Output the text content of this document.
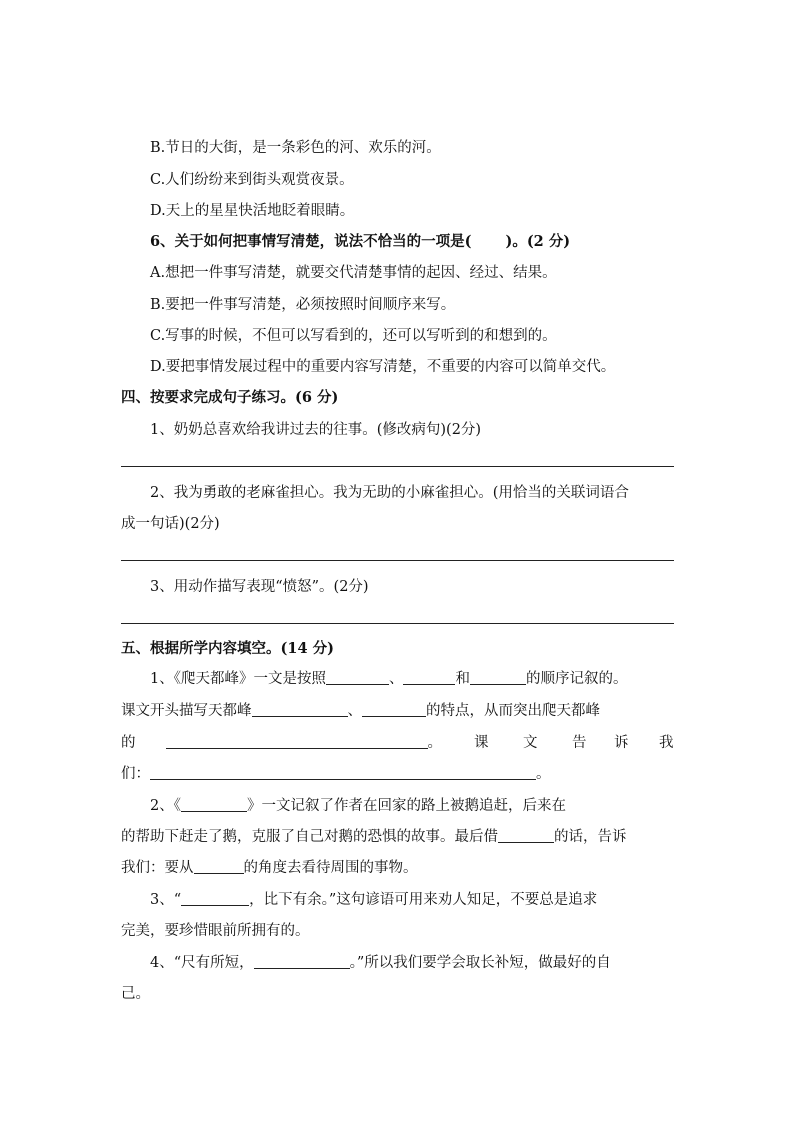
B.节日的大街，是一条彩色的河、欢乐的河。
C.人们纷纷来到街头观赏夜景。
D.天上的星星快活地眨着眼睛。
6、关于如何把事情写清楚，说法不恰当的一项是( )。(2 分)
A.想把一件事写清楚，就要交代清楚事情的起因、经过、结果。
B.要把一件事写清楚，必须按照时间顺序来写。
C.写事的时候，不但可以写看到的，还可以写听到的和想到的。
D.要把事情发展过程中的重要内容写清楚，不重要的内容可以简单交代。
四、按要求完成句子练习。(6 分)
1、奶奶总喜欢给我讲过去的往事。(修改病句)(2分)
2、我为勇敢的老麻雀担心。我为无助的小麻雀担心。(用恰当的关联词语合
成一句话)(2分)
3、用动作描写表现“愤怒”。(2分)
五、根据所学内容填空。(14 分)
1、《爬天都峰》一文是按照	、	和	的顺序记叙的。
课文开头描写天都峰	、	的特点，从而突出爬天都峰
的	。 课 文 告 诉 我
们：	。
2、《	》一文记叙了作者在回家的路上被鹅追赶，后来在
的帮助下赶走了鹅，克服了自己对鹅的恐惧的故事。最后借	的话，告诉
我们：要从	的角度去看待周围的事物。
3、“	，比下有余。”这句谚语可用来劝人知足，不要总是追求
完美，要珍惜眼前所拥有的。
4、“尺有所短，	。”所以我们要学会取长补短，做最好的自
己。
